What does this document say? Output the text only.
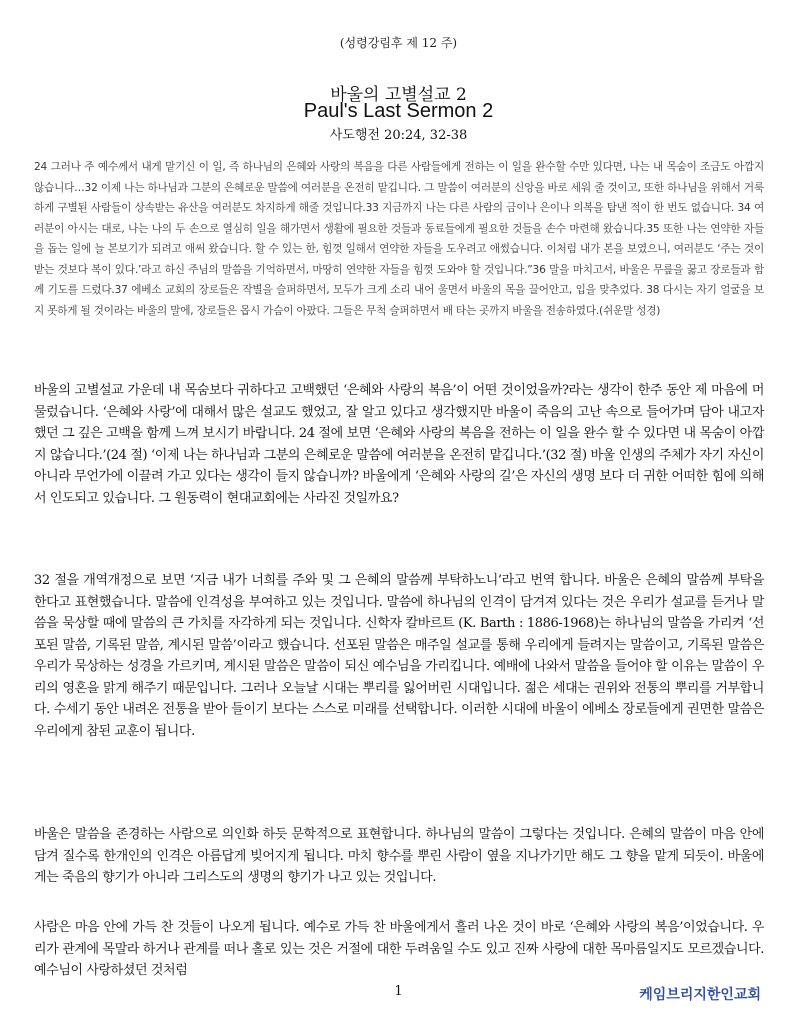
(성령강림후 제 12 주)
바울의 고별설교 2
Paul's Last Sermon 2
사도행전 20:24, 32-38

24 그러나 주 예수께서 내게 맡기신 이 일, 즉 하나님의 은혜와 사랑의 복음을 다른 사람들에게 전하는 이 일을 완수할 수만 있다면, 나는 내 목숨이 조금도 아깝지 않습니다…32 이제 나는 하나님과 그분의 은혜로운 말씀에 여러분을 온전히 맡깁니다. 그 말씀이 여러분의 신앙을 바로 세워 줄 것이고, 또한 하나님을 위해서 거룩하게 구별된 사람들이 상속받는 유산을 여러분도 차지하게 해줄 것입니다.33 지금까지 나는 다른 사람의 금이나 은이나 의복을 탐낸 적이 한 번도 없습니다. 34 여러분이 아시는 대로, 나는 나의 두 손으로 열심히 일을 해가면서 생활에 필요한 것들과 동료들에게 필요한 것들을 손수 마련해 왔습니다.35 또한 나는 연약한 자들을 돕는 일에 늘 본보기가 되려고 애써 왔습니다. 할 수 있는 한, 힘껏 일해서 연약한 자들을 도우려고 애썼습니다. 이처럼 내가 본을 보였으니, 여러분도 ‘주는 것이 받는 것보다 복이 있다.’라고 하신 주님의 말씀을 기억하면서, 마땅히 연약한 자들을 힘껏 도와야 할 것입니다.”36 말을 마치고서, 바울은 무릎을 꿇고 장로들과 함께 기도를 드렸다.37 에베소 교회의 장로들은 작별을 슬퍼하면서, 모두가 크게 소리 내어 울면서 바울의 목을 끌어안고, 입을 맞추었다. 38 다시는 자기 얼굴을 보지 못하게 될 것이라는 바울의 말에, 장로들은 몹시 가슴이 아팠다. 그들은 무척 슬퍼하면서 배 타는 곳까지 바울을 전송하였다.(쉬운말 성경)

바울의 고별설교 가운데 내 목숨보다 귀하다고 고백했던 ‘은혜와 사랑의 복음’이 어떤 것이었을까?라는 생각이 한주 동안 제 마음에 머물렀습니다. ‘은혜와 사랑’에 대해서 많은 설교도 했었고, 잘 알고 있다고 생각했지만 바울이 죽음의 고난 속으로 들어가며 담아 내고자 했던 그 깊은 고백을 함께 느껴 보시기 바랍니다. 24 절에 보면 ‘은혜와 사랑의 복음을 전하는 이 일을 완수 할 수 있다면 내 목숨이 아깝지 않습니다.’(24 절) ‘이제 나는 하나님과 그분의 은혜로운 말씀에 여러분을 온전히 맡깁니다.’(32 절) 바울 인생의 주체가 자기 자신이 아니라 무언가에 이끌려 가고 있다는 생각이 들지 않습니까? 바울에게 ‘은혜와 사랑의 길’은 자신의 생명 보다 더 귀한 어떠한 힘에 의해서 인도되고 있습니다. 그 원동력이 현대교회에는 사라진 것일까요?

32 절을 개역개정으로 보면 ‘지금 내가 너희를 주와 및 그 은혜의 말씀께 부탁하노니’라고 번역 합니다. 바울은 은혜의 말씀께 부탁을 한다고 표현했습니다. 말씀에 인격성을 부여하고 있는 것입니다. 말씀에 하나님의 인격이 담겨져 있다는 것은 우리가 설교를 듣거나 말씀을 묵상할 때에 말씀의 큰 가치를 자각하게 되는 것입니다. 신학자 칼바르트 (K. Barth : 1886-1968)는 하나님의 말씀을 가리켜 ‘선포된 말씀, 기록된 말씀, 계시된 말씀’이라고 했습니다. 선포된 말씀은 매주일 설교를 통해 우리에게 들려지는 말씀이고, 기록된 말씀은 우리가 묵상하는 성경을 가르키며, 계시된 말씀은 말씀이 되신 예수님을 가리킵니다. 예배에 나와서 말씀을 들어야 할 이유는 말씀이 우리의 영혼을 맑게 해주기 때문입니다. 그러나 오늘날 시대는 뿌리를 잃어버린 시대입니다. 젊은 세대는 권위와 전통의 뿌리를 거부합니다. 수세기 동안 내려온 전통을 받아 들이기 보다는 스스로 미래를 선택합니다. 이러한 시대에 바울이 에베소 장로들에게 권면한 말씀은 우리에게 참된 교훈이 됩니다.

바울은 말씀을 존경하는 사람으로 의인화 하듯 문학적으로 표현합니다. 하나님의 말씀이 그렇다는 것입니다. 은혜의 말씀이 마음 안에 담겨 질수록 한개인의 인격은 아름답게 빚어지게 됩니다. 마치 향수를 뿌린 사람이 옆을 지나가기만 해도 그 향을 맡게 되듯이. 바울에게는 죽음의 향기가 아니라 그리스도의 생명의 향기가 나고 있는 것입니다.

사람은 마음 안에 가득 찬 것들이 나오게 됩니다. 예수로 가득 찬 바울에게서 흘러 나온 것이 바로 ‘은혜와 사랑의 복음’이었습니다. 우리가 관계에 목말라 하거나 관계를 떠나 홀로 있는 것은 거절에 대한 두려움일 수도 있고 진짜 사랑에 대한 목마름일지도 모르겠습니다. 예수님이 사랑하셨던 것처럼

1	케임브리지한인교회
